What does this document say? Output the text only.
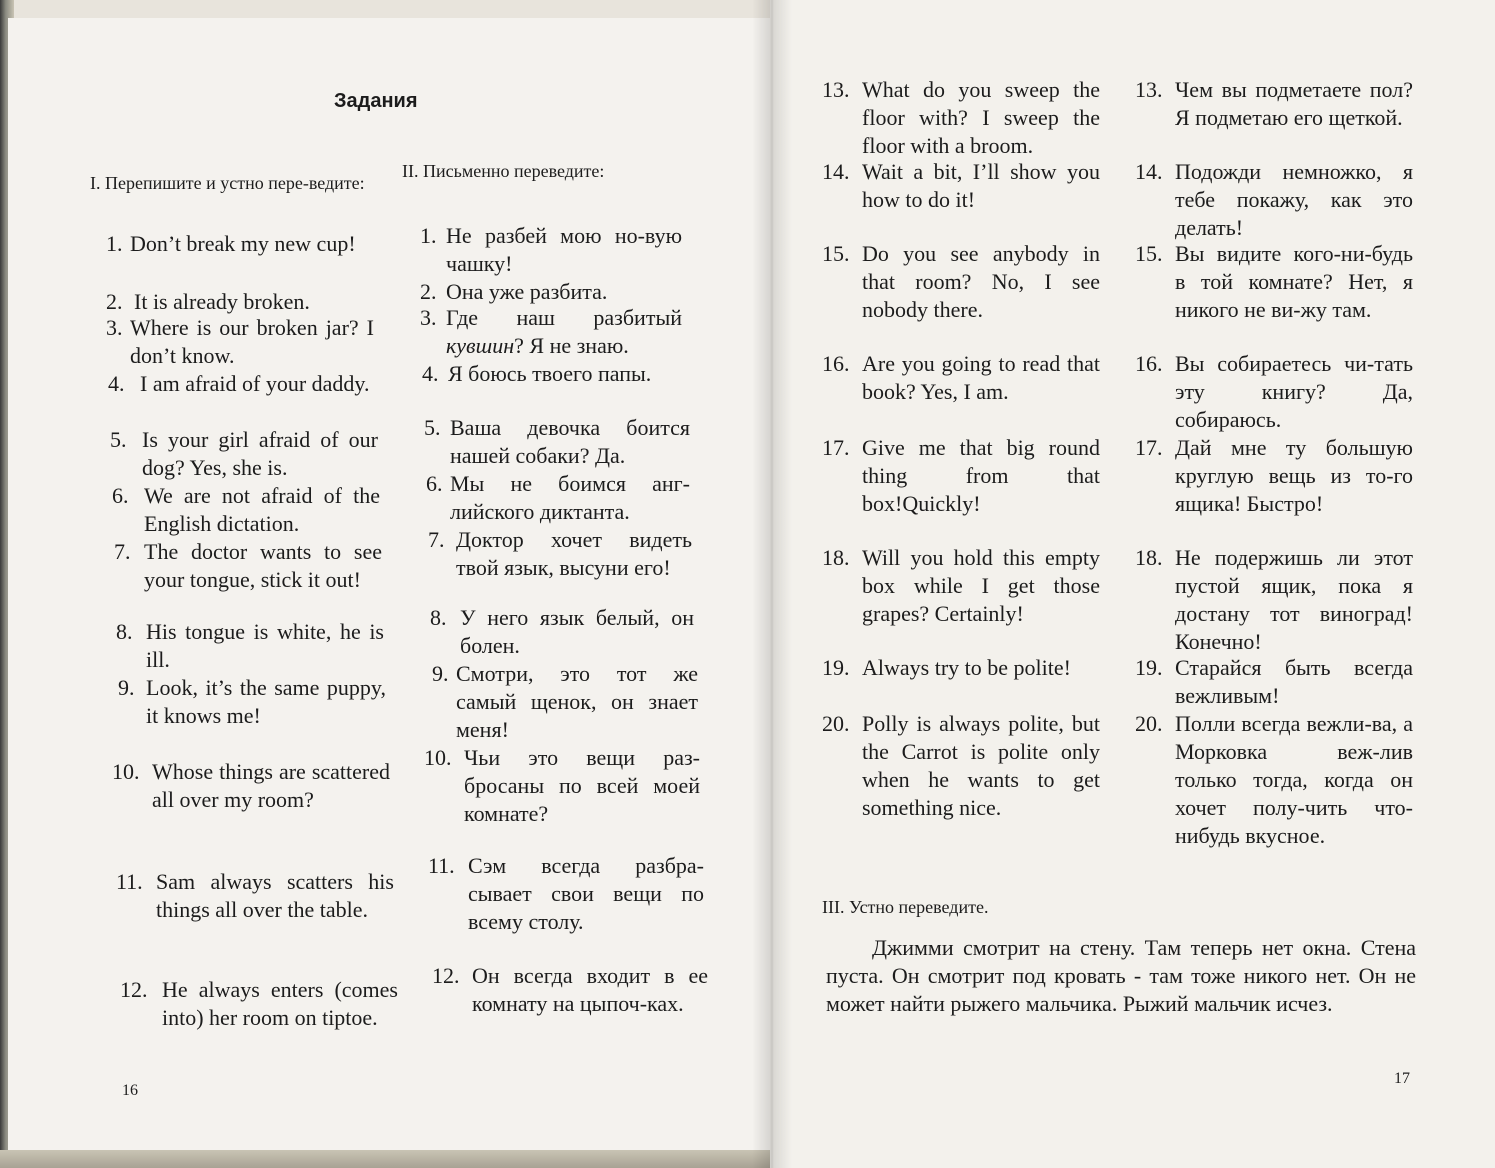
Задания
I. Перепишите и устно пере-ведите:
II. Письменно переведите:
1. Don’t break my new cup!
2. It is already broken.
3. Where is our broken jar? I don’t know.
4. I am afraid of your daddy.
5. Is your girl afraid of our dog? Yes, she is.
6. We are not afraid of the English dictation.
7. The doctor wants to see your tongue, stick it out!
8. His tongue is white, he is ill.
9. Look, it’s the same puppy, it knows me!
10. Whose things are scattered all over my room?
11. Sam always scatters his things all over the table.
12. He always enters (comes into) her room on tiptoe.
1. Не разбей мою но-вую чашку!
2. Она уже разбита.
3. Где наш разбитый кувшин? Я не знаю.
4. Я боюсь твоего папы.
5. Ваша девочка боится нашей собаки? Да.
6. Мы не боимся анг-лийского диктанта.
7. Доктор хочет видеть твой язык, высуни его!
8. У него язык белый, он болен.
9. Смотри, это тот же самый щенок, он знает меня!
10. Чьи это вещи раз-бросаны по всей моей комнате?
11. Сэм всегда разбра-сывает свои вещи по всему столу.
12. Он всегда входит в ее комнату на цыпоч-ках.
16
13. What do you sweep the floor with? I sweep the floor with a broom.
14. Wait a bit, I’ll show you how to do it!
15. Do you see anybody in that room? No, I see nobody there.
16. Are you going to read that book? Yes, I am.
17. Give me that big round thing from that box!Quickly!
18. Will you hold this empty box while I get those grapes? Certainly!
19. Always try to be polite!
20. Polly is always polite, but the Carrot is polite only when he wants to get something nice.
13. Чем вы подметаете пол? Я подметаю его щеткой.
14. Подожди немножко, я тебе покажу, как это делать!
15. Вы видите кого-ни-будь в той комнате? Нет, я никого не ви-жу там.
16. Вы собираетесь чи-тать эту книгу? Да, собираюсь.
17. Дай мне ту большую круглую вещь из то-го ящика! Быстро!
18. Не подержишь ли этот пустой ящик, пока я достану тот виноград! Конечно!
19. Старайся быть всегда вежливым!
20. Полли всегда вежли-ва, а Морковка веж-лив только тогда, когда он хочет полу-чить что-нибудь вкусное.
III. Устно переведите.
Джимми смотрит на стену. Там теперь нет окна. Стена пуста. Он смотрит под кровать - там тоже никого нет. Он не может найти рыжего мальчика. Рыжий мальчик исчез.
17
